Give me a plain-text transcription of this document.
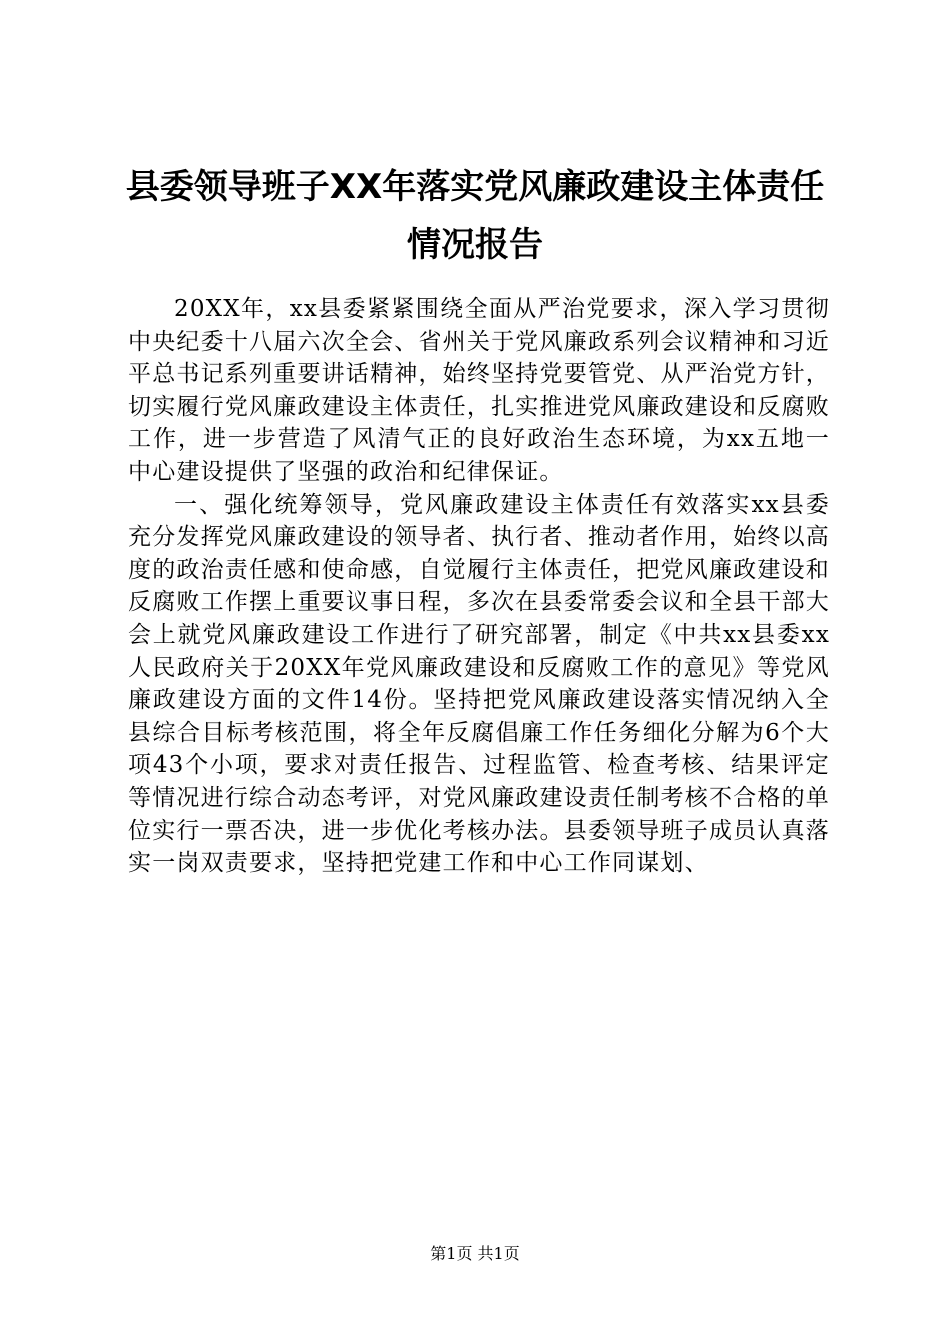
县委领导班子XX年落实党风廉政建设主体责任情况报告

20XX年，xx县委紧紧围绕全面从严治党要求，深入学习贯彻中央纪委十八届六次全会、省州关于党风廉政系列会议精神和习近平总书记系列重要讲话精神，始终坚持党要管党、从严治党方针，切实履行党风廉政建设主体责任，扎实推进党风廉政建设和反腐败工作，进一步营造了风清气正的良好政治生态环境，为xx五地一中心建设提供了坚强的政治和纪律保证。

一、强化统筹领导，党风廉政建设主体责任有效落实xx县委充分发挥党风廉政建设的领导者、执行者、推动者作用，始终以高度的政治责任感和使命感，自觉履行主体责任，把党风廉政建设和反腐败工作摆上重要议事日程，多次在县委常委会议和全县干部大会上就党风廉政建设工作进行了研究部署，制定《中共xx县委xx人民政府关于20XX年党风廉政建设和反腐败工作的意见》等党风廉政建设方面的文件14份。坚持把党风廉政建设落实情况纳入全县综合目标考核范围，将全年反腐倡廉工作任务细化分解为6个大项43个小项，要求对责任报告、过程监管、检查考核、结果评定等情况进行综合动态考评，对党风廉政建设责任制考核不合格的单位实行一票否决，进一步优化考核办法。县委领导班子成员认真落实一岗双责要求，坚持把党建工作和中心工作同谋划、

第1页 共1页
